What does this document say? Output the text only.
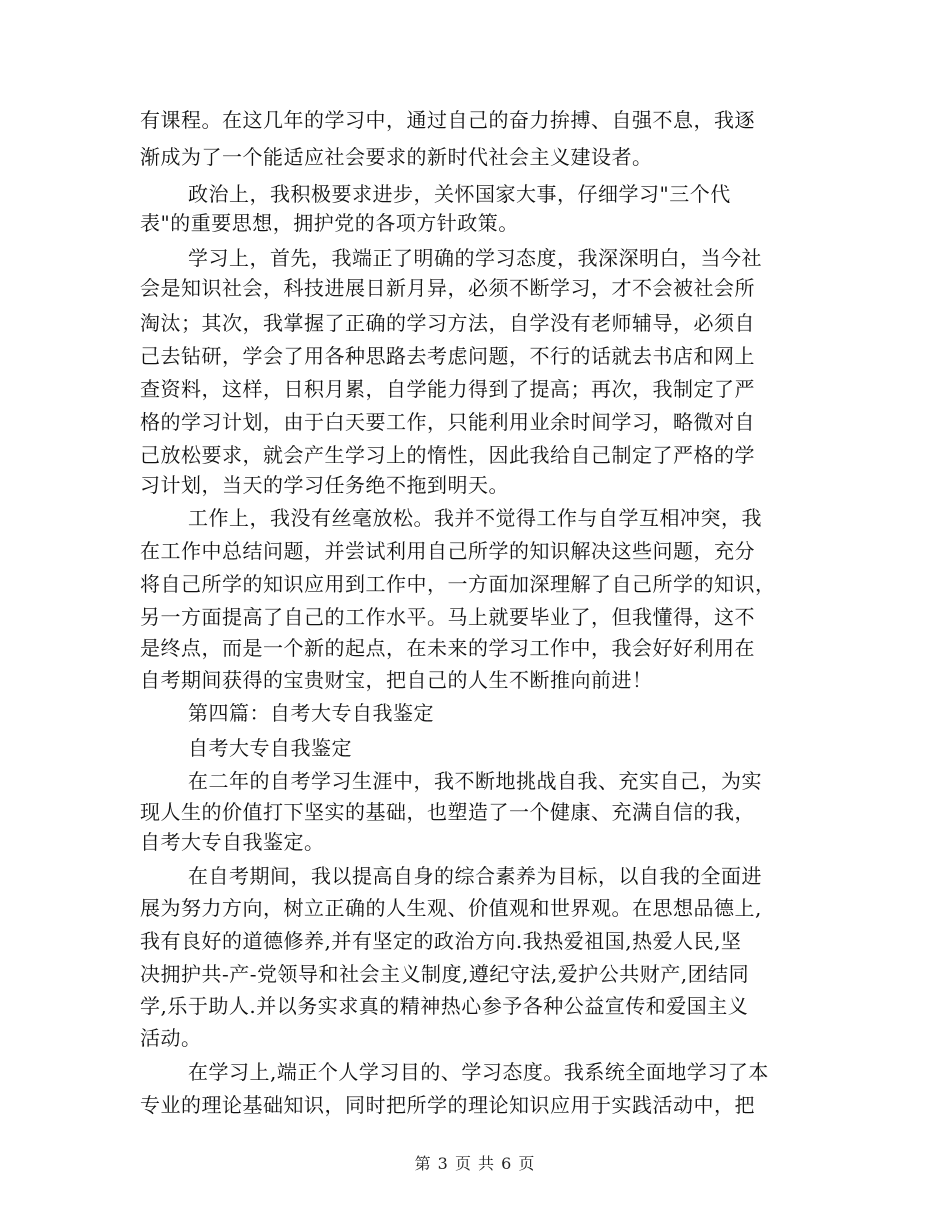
有课程。在这几年的学习中，通过自己的奋力拚搏、自强不息，我逐
渐成为了一个能适应社会要求的新时代社会主义建设者。
政治上，我积极要求进步，关怀国家大事，仔细学习"三个代
表"的重要思想，拥护党的各项方针政策。
学习上，首先，我端正了明确的学习态度，我深深明白，当今社
会是知识社会，科技进展日新月异，必须不断学习，才不会被社会所
淘汰；其次，我掌握了正确的学习方法，自学没有老师辅导，必须自
己去钻研，学会了用各种思路去考虑问题，不行的话就去书店和网上
查资料，这样，日积月累，自学能力得到了提高；再次，我制定了严
格的学习计划，由于白天要工作，只能利用业余时间学习，略微对自
己放松要求，就会产生学习上的惰性，因此我给自己制定了严格的学
习计划，当天的学习任务绝不拖到明天。
工作上，我没有丝毫放松。我并不觉得工作与自学互相冲突，我
在工作中总结问题，并尝试利用自己所学的知识解决这些问题，充分
将自己所学的知识应用到工作中，一方面加深理解了自己所学的知识，
另一方面提高了自己的工作水平。马上就要毕业了，但我懂得，这不
是终点，而是一个新的起点，在未来的学习工作中，我会好好利用在
自考期间获得的宝贵财宝，把自己的人生不断推向前进！
第四篇：自考大专自我鉴定
自考大专自我鉴定
在二年的自考学习生涯中，我不断地挑战自我、充实自己，为实
现人生的价值打下坚实的基础，也塑造了一个健康、充满自信的我，
自考大专自我鉴定。
在自考期间，我以提高自身的综合素养为目标，以自我的全面进
展为努力方向，树立正确的人生观、价值观和世界观。在思想品德上,
我有良好的道德修养,并有坚定的政治方向.我热爱祖国,热爱人民,坚
决拥护共-产-党领导和社会主义制度,遵纪守法,爱护公共财产,团结同
学,乐于助人.并以务实求真的精神热心参予各种公益宣传和爱国主义
活动。
在学习上,端正个人学习目的、学习态度。我系统全面地学习了本
专业的理论基础知识，同时把所学的理论知识应用于实践活动中，把
第 3 页 共 6 页
